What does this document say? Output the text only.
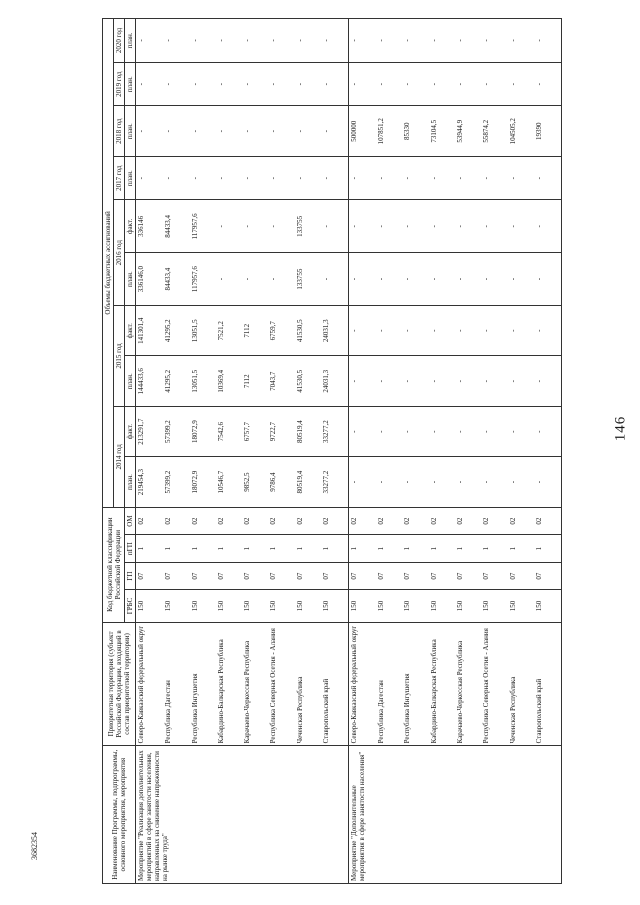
146
3682354	Наименование Программы, подпрограммы, основного мероприятия, мероприятия	Приоритетная территория (субъект Российской Федерации, входящий в состав приоритетной территории)	Код бюджетной классификации Российской Федерации				Объемы бюджетных ассигнований									
						2014 год		2015 год		2016 год		2017 год	2018 год	2019 год	2020 год
		ГРБС	ГП	пГП	ОМ	план.	факт.	план.	факт.	план.	факт.	план.	план.	план.	план.
Мероприятие "Реализация дополнительных мероприятий в сфере занятости населения, направленных на снижение напряженности на рынке труда"	Северо-Кавказский федеральный округ	150	07	1	02	219454,3	213291,7	144433,6	141301,4	336146,0	336146	-	-	-	-
	Республика Дагестан	150	07	1	02	57399,2	57399,2	41295,2	41295,2	84433,4	84433,4	-	-	-	-
	Республика Ингушетия	150	07	1	02	18072,9	18072,9	13051,5	13051,5	117957,6	117957,6	-	-	-	-
	Кабардино-Балкарская Республика	150	07	1	02	10546,7	7542,6	10369,4	7521,2	-	-	-	-	-	-
	Карачаево-Черкесская Республика	150	07	1	02	9852,5	6757,7	7112	7112	-	-	-	-	-	-
	Республика Северная Осетия - Алания	150	07	1	02	9786,4	9722,7	7043,7	6759,7	-	-	-	-	-	-
	Чеченская Республика	150	07	1	02	80519,4	80519,4	41530,5	41530,5	133755	133755	-	-	-	-
	Ставропольский край	150	07	1	02	33277,2	33277,2	24031,3	24031,3	-	-	-	-	-	-
Мероприятие "Дополнительные мероприятия в сфере занятости населения"	Северо-Кавказский федеральный округ	150	07	1	02	-	-	-	-	-	-	-	500000	-	-
	Республика Дагестан	150	07	1	02	-	-	-	-	-	-	-	107851,2	-	-
	Республика Ингушетия	150	07	1	02	-	-	-	-	-	-	-	85330	-	-
	Кабардино-Балкарская Республика	150	07	1	02	-	-	-	-	-	-	-	73104,5	-	-
	Карачаево-Черкесская Республика	150	07	1	02	-	-	-	-	-	-	-	53944,9	-	-
	Республика Северная Осетия - Алания	150	07	1	02	-	-	-	-	-	-	-	55874,2	-	-
	Чеченская Республика	150	07	1	02	-	-	-	-	-	-	-	104505,2	-	-
	Ставропольский край	150	07	1	02	-	-	-	-	-	-	-	19390	-	-
